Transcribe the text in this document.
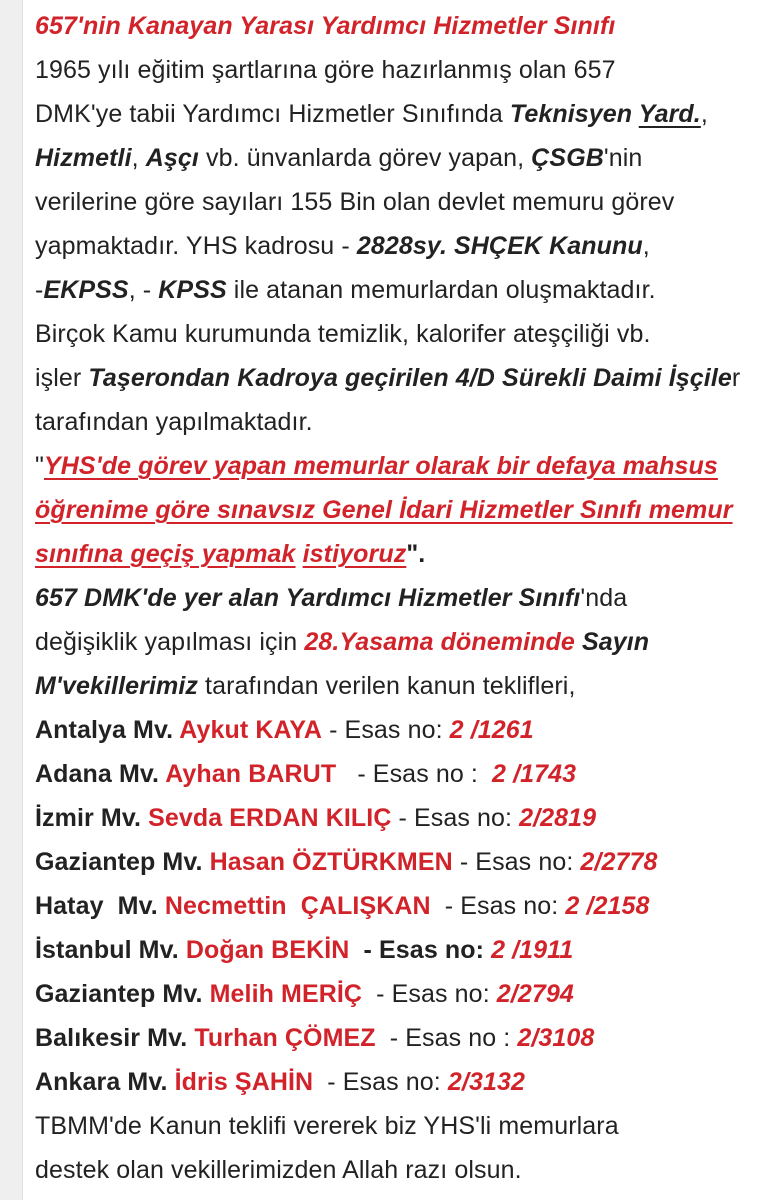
657'nin Kanayan Yarası Yardımcı Hizmetler Sınıfı
1965 yılı eğitim şartlarına göre hazırlanmış olan 657
DMK'ye tabii Yardımcı Hizmetler Sınıfında Teknisyen Yard.,
Hizmetli, Aşçı vb. ünvanlarda görev yapan, ÇSGB'nin
verilerine göre sayıları 155 Bin olan devlet memuru görev
yapmaktadır. YHS kadrosu - 2828sy. SHÇEK Kanunu,
-EKPSS, - KPSS ile atanan memurlardan oluşmaktadır.
Birçok Kamu kurumunda temizlik, kalorifer ateşçiliği vb.
işler Taşerondan Kadroya geçirilen 4/D Sürekli Daimi İşçiler
tarafından yapılmaktadır.
"YHS'de görev yapan memurlar olarak bir defaya mahsus
öğrenime göre sınavsız Genel İdari Hizmetler Sınıfı memur
sınıfına geçiş yapmak istiyoruz".
657 DMK'de yer alan Yardımcı Hizmetler Sınıfı'nda
değişiklik yapılması için 28.Yasama döneminde Sayın
M'vekillerimiz tarafından verilen kanun teklifleri,
Antalya Mv. Aykut KAYA - Esas no: 2 /1261
Adana Mv. Ayhan BARUT   - Esas no :  2 /1743
İzmir Mv. Sevda ERDAN KILIÇ - Esas no: 2/2819
Gaziantep Mv. Hasan ÖZTÜRKMEN - Esas no: 2/2778
Hatay  Mv. Necmettin  ÇALIŞKAN  - Esas no: 2 /2158
İstanbul Mv. Doğan BEKİN  - Esas no: 2 /1911
Gaziantep Mv. Melih MERİÇ  - Esas no: 2/2794
Balıkesir Mv. Turhan ÇÖMEZ  - Esas no : 2/3108
Ankara Mv. İdris ŞAHİN  - Esas no: 2/3132
TBMM'de Kanun teklifi vererek biz YHS'li memurlara
destek olan vekillerimizden Allah razı olsun.
